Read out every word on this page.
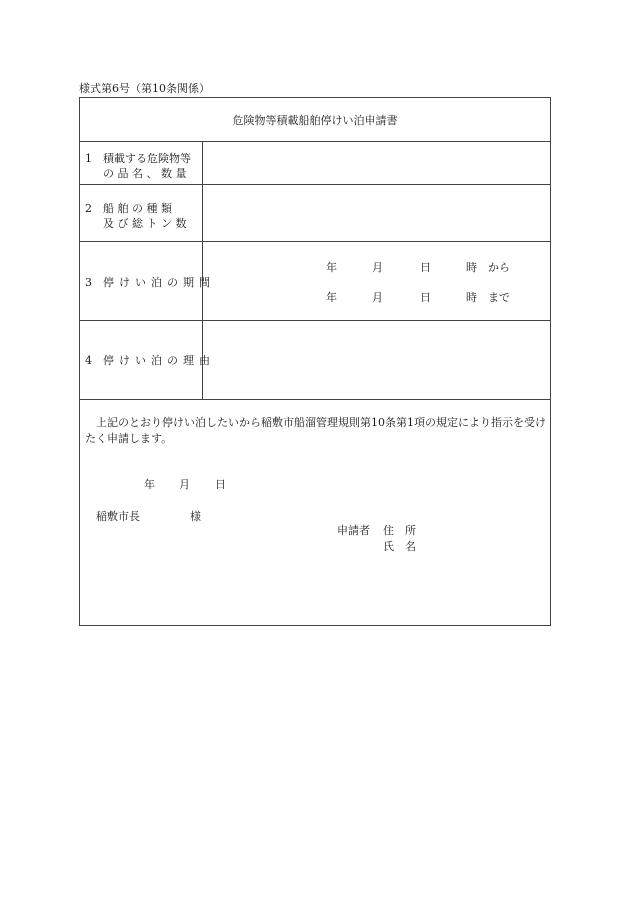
様式第6号（第10条関係）
危険物等積載船舶停けい泊申請書
1 積載する危険物等
の 品 名 、 数 量
2 船 舶 の 種 類
及 び 総 ト ン 数
3 停けい泊の期間
年	月	日	時 から
年	月	日	時 まで
4 停けい泊の理由
上記のとおり停けい泊したいから稲敷市船溜管理規則第10条第1項の規定により指示を受けたく申請します。
年 月 日
稲敷市長	様
申請者 住　所
氏　名
